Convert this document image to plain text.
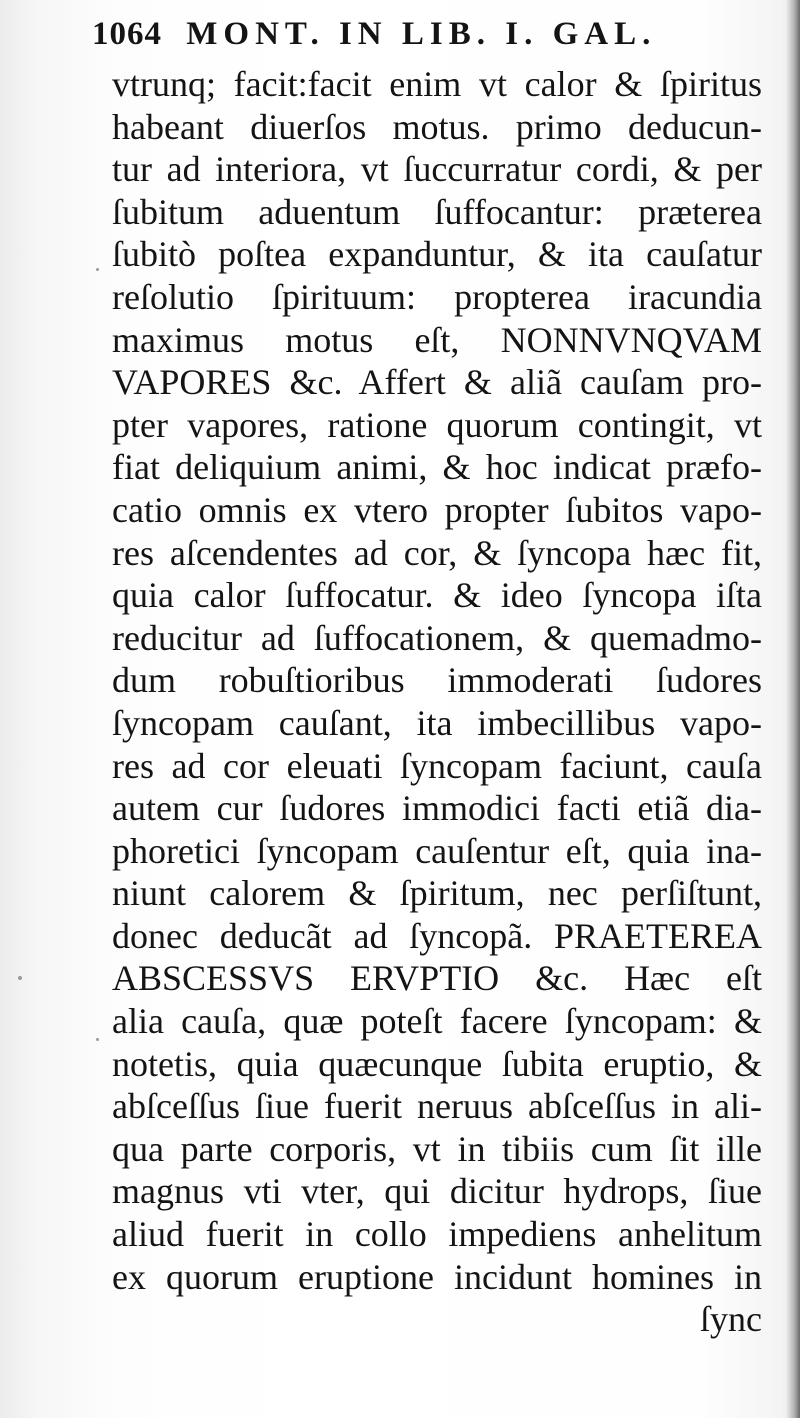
1064 MONT. IN LIB. I. GAL.
vtrunq; facit:facit enim vt calor & ſpiritus
habeant diuerſos motus. primo deducun-
tur ad interiora, vt ſuccurratur cordi, & per
ſubitum aduentum ſuffocantur: præterea
ſubitò poſtea expanduntur, & ita cauſatur
reſolutio ſpirituum: propterea iracundia
maximus motus eſt, NONNVNQVAM
VAPORES &c. Affert & aliã cauſam pro-
pter vapores, ratione quorum contingit, vt
fiat deliquium animi, & hoc indicat præfo-
catio omnis ex vtero propter ſubitos vapo-
res aſcendentes ad cor, & ſyncopa hæc fit,
quia calor ſuffocatur. & ideo ſyncopa iſta
reducitur ad ſuffocationem, & quemadmo-
dum robuſtioribus immoderati ſudores
ſyncopam cauſant, ita imbecillibus vapo-
res ad cor eleuati ſyncopam faciunt, cauſa
autem cur ſudores immodici facti etiã dia-
phoretici ſyncopam cauſentur eſt, quia ina-
niunt calorem & ſpiritum, nec perſiſtunt,
donec deducãt ad ſyncopã. PRAETEREA
ABSCESSVS ERVPTIO &c. Hæc eſt
alia cauſa, quæ poteſt facere ſyncopam: &
notetis, quia quæcunque ſubita eruptio, &
abſceſſus ſiue fuerit neruus abſceſſus in ali-
qua parte corporis, vt in tibiis cum ſit ille
magnus vti vter, qui dicitur hydrops, ſiue
aliud fuerit in collo impediens anhelitum
ex quorum eruptione incidunt homines in
ſync
